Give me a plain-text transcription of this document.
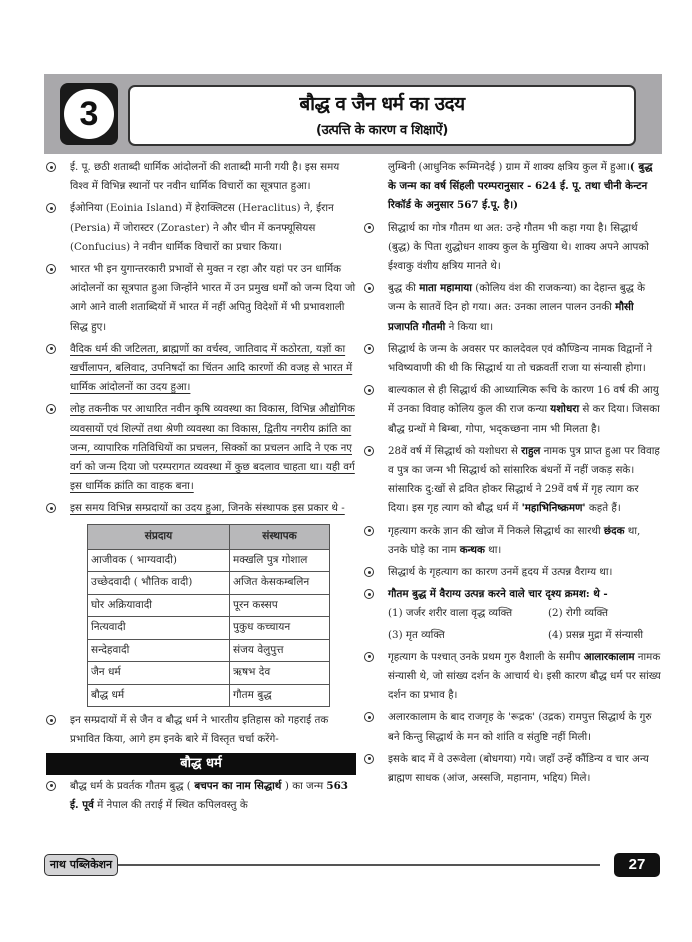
3	बौद्ध व जैन धर्म का उदय
(उत्पत्ति के कारण व शिक्षाऐं)
ई. पू. छठी शताब्दी धार्मिक आंदोलनों की शताब्दी मानी गयी है। इस समय विश्व में विभिन्न स्थानों पर नवीन धार्मिक विचारों का सूत्रपात हुआ।
ईओनिया (Eoinia Island) में हेराक्लिटस (Heraclitus) ने, ईरान (Persia) में जोरास्टर (Zoraster) ने और चीन में कनफ्यूसियस (Confucius) ने नवीन धार्मिक विचारों का प्रचार किया।
भारत भी इन युगान्तरकारी प्रभावों से मुक्त न रहा और यहां पर उन धार्मिक आंदोलनों का सूत्रपात हुआ जिन्होंने भारत में उन प्रमुख धर्मों को जन्म दिया जो आगे आने वाली शताब्दियों में भारत में नहीं अपितु विदेशों में भी प्रभावशाली सिद्ध हुए।
वैदिक धर्म की जटिलता, ब्राह्मणों का वर्चस्व, जातिवाद में कठोरता, यज्ञों का खर्चीलापन, बलिवाद, उपनिषदों का चिंतन आदि कारणों की वजह से भारत में धार्मिक आंदोलनों का उदय हुआ।
लोह तकनीक पर आधारित नवीन कृषि व्यवस्था का विकास, विभिन्न औद्योगिक व्यवसायों एवं शिल्पों तथा श्रेणी व्यवस्था का विकास, द्वितीय नगरीय क्रांति का जन्म, व्यापारिक गतिविधियों का प्रचलन, सिक्कों का प्रचलन आदि ने एक नए वर्ग को जन्म दिया जो परम्परागत व्यवस्था में कुछ बदलाव चाहता था। यही वर्ग इस धार्मिक क्रांति का वाहक बना।
इस समय विभिन्न सम्प्रदायों का उदय हुआ, जिनके संस्थापक इस प्रकार थे -
संप्रदाय	संस्थापक
आजीवक ( भाग्यवादी)	मक्खलि पुत्र गोशाल
उच्छेदवादी ( भौतिक वादी)	अजित केसकम्बलिन
घोर अक्रियावादी	पूरन कस्सप
नित्यवादी	पुकुध कच्चायन
सन्देहवादी	संजय वेलुपुत्त
जैन धर्म	ऋषभ देव
बौद्ध धर्म	गौतम बुद्ध
इन सम्प्रदायों में से जैन व बौद्ध धर्म ने भारतीय इतिहास को गहराई तक प्रभावित किया, आगे हम इनके बारे में विस्तृत चर्चा करेंगे-
बौद्ध धर्म
बौद्ध धर्म के प्रवर्तक गौतम बुद्ध ( बचपन का नाम सिद्धार्थ ) का जन्म 563 ई. पूर्व में नेपाल की तराई में स्थित कपिलवस्तु के
लुम्बिनी (आधुनिक रूम्मिनदेई ) ग्राम में शाक्य क्षत्रिय कुल में हुआ।( बुद्ध के जन्म का वर्ष सिंहली परम्परानुसार - 624 ई. पू. तथा चीनी केन्टन रिकॉर्ड के अनुसार 567 ई.पू. है।)
सिद्धार्थ का गोत्र गौतम था अत: उन्हे गौतम भी कहा गया है। सिद्धार्थ (बुद्ध) के पिता शुद्धोधन शाक्य कुल के मुखिया थे। शाक्य अपने आपको ईश्वाकु वंशीय क्षत्रिय मानते थे।
बुद्ध की माता महामाया (कोलिय वंश की राजकन्या) का देहान्त बुद्ध के जन्म के सातवें दिन हो गया। अत: उनका लालन पालन उनकी मौसी प्रजापति गौतमी ने किया था।
सिद्धार्थ के जन्म के अवसर पर कालदेवल एवं कौण्डिन्य नामक विद्वानों ने भविष्यवाणी की थी कि सिद्धार्थ या तो चक्रवर्ती राजा या संन्यासी होगा।
बाल्यकाल से ही सिद्धार्थ की आध्यात्मिक रूचि के कारण 16 वर्ष की आयु में उनका विवाह कोलिय कुल की राज कन्या यशोधरा से कर दिया। जिसका बौद्ध ग्रन्थों मे बिम्बा, गोपा, भद्कच्छना नाम भी मिलता है।
28वें वर्ष में सिद्धार्थ को यशोधरा से राहुल नामक पुत्र प्राप्त हुआ पर विवाह व पुत्र का जन्म भी सिद्धार्थ को सांसारिक बंधनों में नहीं जकड़ सके। सांसारिक दु:खों से द्रवित होकर सिद्धार्थ ने 29वें वर्ष में गृह त्याग कर दिया। इस गृह त्याग को बौद्ध धर्म में 'महाभिनिष्क्रमण' कहते हैं।
गृहत्याग करके ज्ञान की खोज में निकले सिद्धार्थ का सारथी छंदक था, उनके घोड़े का नाम कन्थक था।
सिद्धार्थ के गृहत्याग का कारण उनमें हृदय में उत्पन्न वैराग्य था।
गौतम बुद्ध में वैराग्य उत्पन्न करने वाले चार दृश्य क्रमश: थे -
(1) जर्जर शरीर वाला वृद्ध व्यक्ति	(2) रोगी व्यक्ति
(3) मृत व्यक्ति	(4) प्रसन्न मुद्रा में संन्यासी
गृहत्याग के पश्चात् उनके प्रथम गुरु वैशाली के समीप आलारकालाम नामक संन्यासी थे, जो सांख्य दर्शन के आचार्य थे। इसी कारण बौद्ध धर्म पर सांख्य दर्शन का प्रभाव है।
अलारकालाम के बाद राजगृह के 'रूद्रक' (उद्रक) रामपुत्त सिद्धार्थ के गुरु बने किन्तु सिद्धार्थ के मन को शांति व संतुष्टि नहीं मिली।
इसके बाद में वे उरूवेला (बोधगया) गये। जहाँ उन्हें कौंडिन्य व चार अन्य ब्राह्मण साधक (आंज, अस्सजि, महानाम, भद्दिय) मिले।
नाथ पब्लिकेशन	27
